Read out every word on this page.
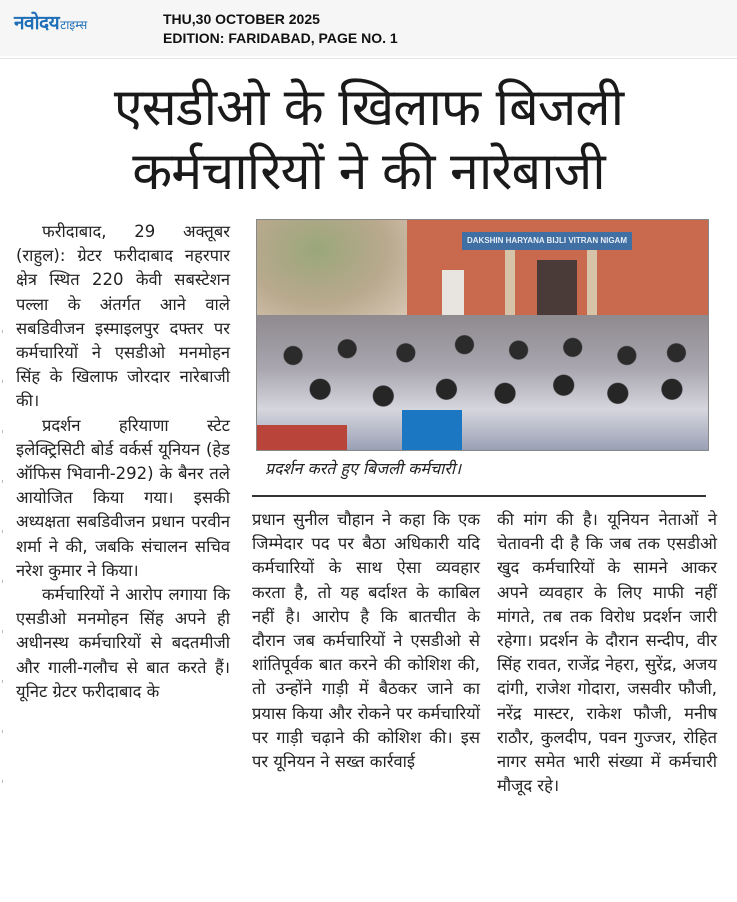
नवोदय टाइम्स	THU,30 OCTOBER 2025
EDITION: FARIDABAD, PAGE NO. 1
एसडीओ के खिलाफ बिजली
कर्मचारियों ने की नारेबाजी

फरीदाबाद, 29 अक्तूबर (राहुल): ग्रेटर फरीदाबाद नहरपार क्षेत्र स्थित 220 केवी सबस्टेशन पल्ला के अंतर्गत आने वाले सबडिवीजन इस्माइलपुर दफ्तर पर कर्मचारियों ने एसडीओ मनमोहन सिंह के खिलाफ जोरदार नारेबाजी की।

प्रदर्शन हरियाणा स्टेट इलेक्ट्रिसिटी बोर्ड वर्कर्स यूनियन (हेड ऑफिस भिवानी-292) के बैनर तले आयोजित किया गया। इसकी अध्यक्षता सबडिवीजन प्रधान परवीन शर्मा ने की, जबकि संचालन सचिव नरेश कुमार ने किया।

कर्मचारियों ने आरोप लगाया कि एसडीओ मनमोहन सिंह अपने ही अधीनस्थ कर्मचारियों से बदतमीजी और गाली-गलौच से बात करते हैं। यूनिट ग्रेटर फरीदाबाद के

DAKSHIN HARYANA BIJLI VITRAN NIGAM
प्रदर्शन करते हुए बिजली कर्मचारी।

प्रधान सुनील चौहान ने कहा कि एक जिम्मेदार पद पर बैठा अधिकारी यदि कर्मचारियों के साथ ऐसा व्यवहार करता है, तो यह बर्दाश्त के काबिल नहीं है। आरोप है कि बातचीत के दौरान जब कर्मचारियों ने एसडीओ से शांतिपूर्वक बात करने की कोशिश की, तो उन्होंने गाड़ी में बैठकर जाने का प्रयास किया और रोकने पर कर्मचारियों पर गाड़ी चढ़ाने की कोशिश की। इस पर यूनियन ने सख्त कार्रवाई

की मांग की है। यूनियन नेताओं ने चेतावनी दी है कि जब तक एसडीओ खुद कर्मचारियों के सामने आकर अपने व्यवहार के लिए माफी नहीं मांगते, तब तक विरोध प्रदर्शन जारी रहेगा। प्रदर्शन के दौरान सन्दीप, वीर सिंह रावत, राजेंद्र नेहरा, सुरेंद्र, अजय दांगी, राजेश गोदारा, जसवीर फौजी, नरेंद्र मास्टर, राकेश फौजी, मनीष राठौर, कुलदीप, पवन गुज्जर, रोहित नागर समेत भारी संख्या में कर्मचारी मौजूद रहे।
